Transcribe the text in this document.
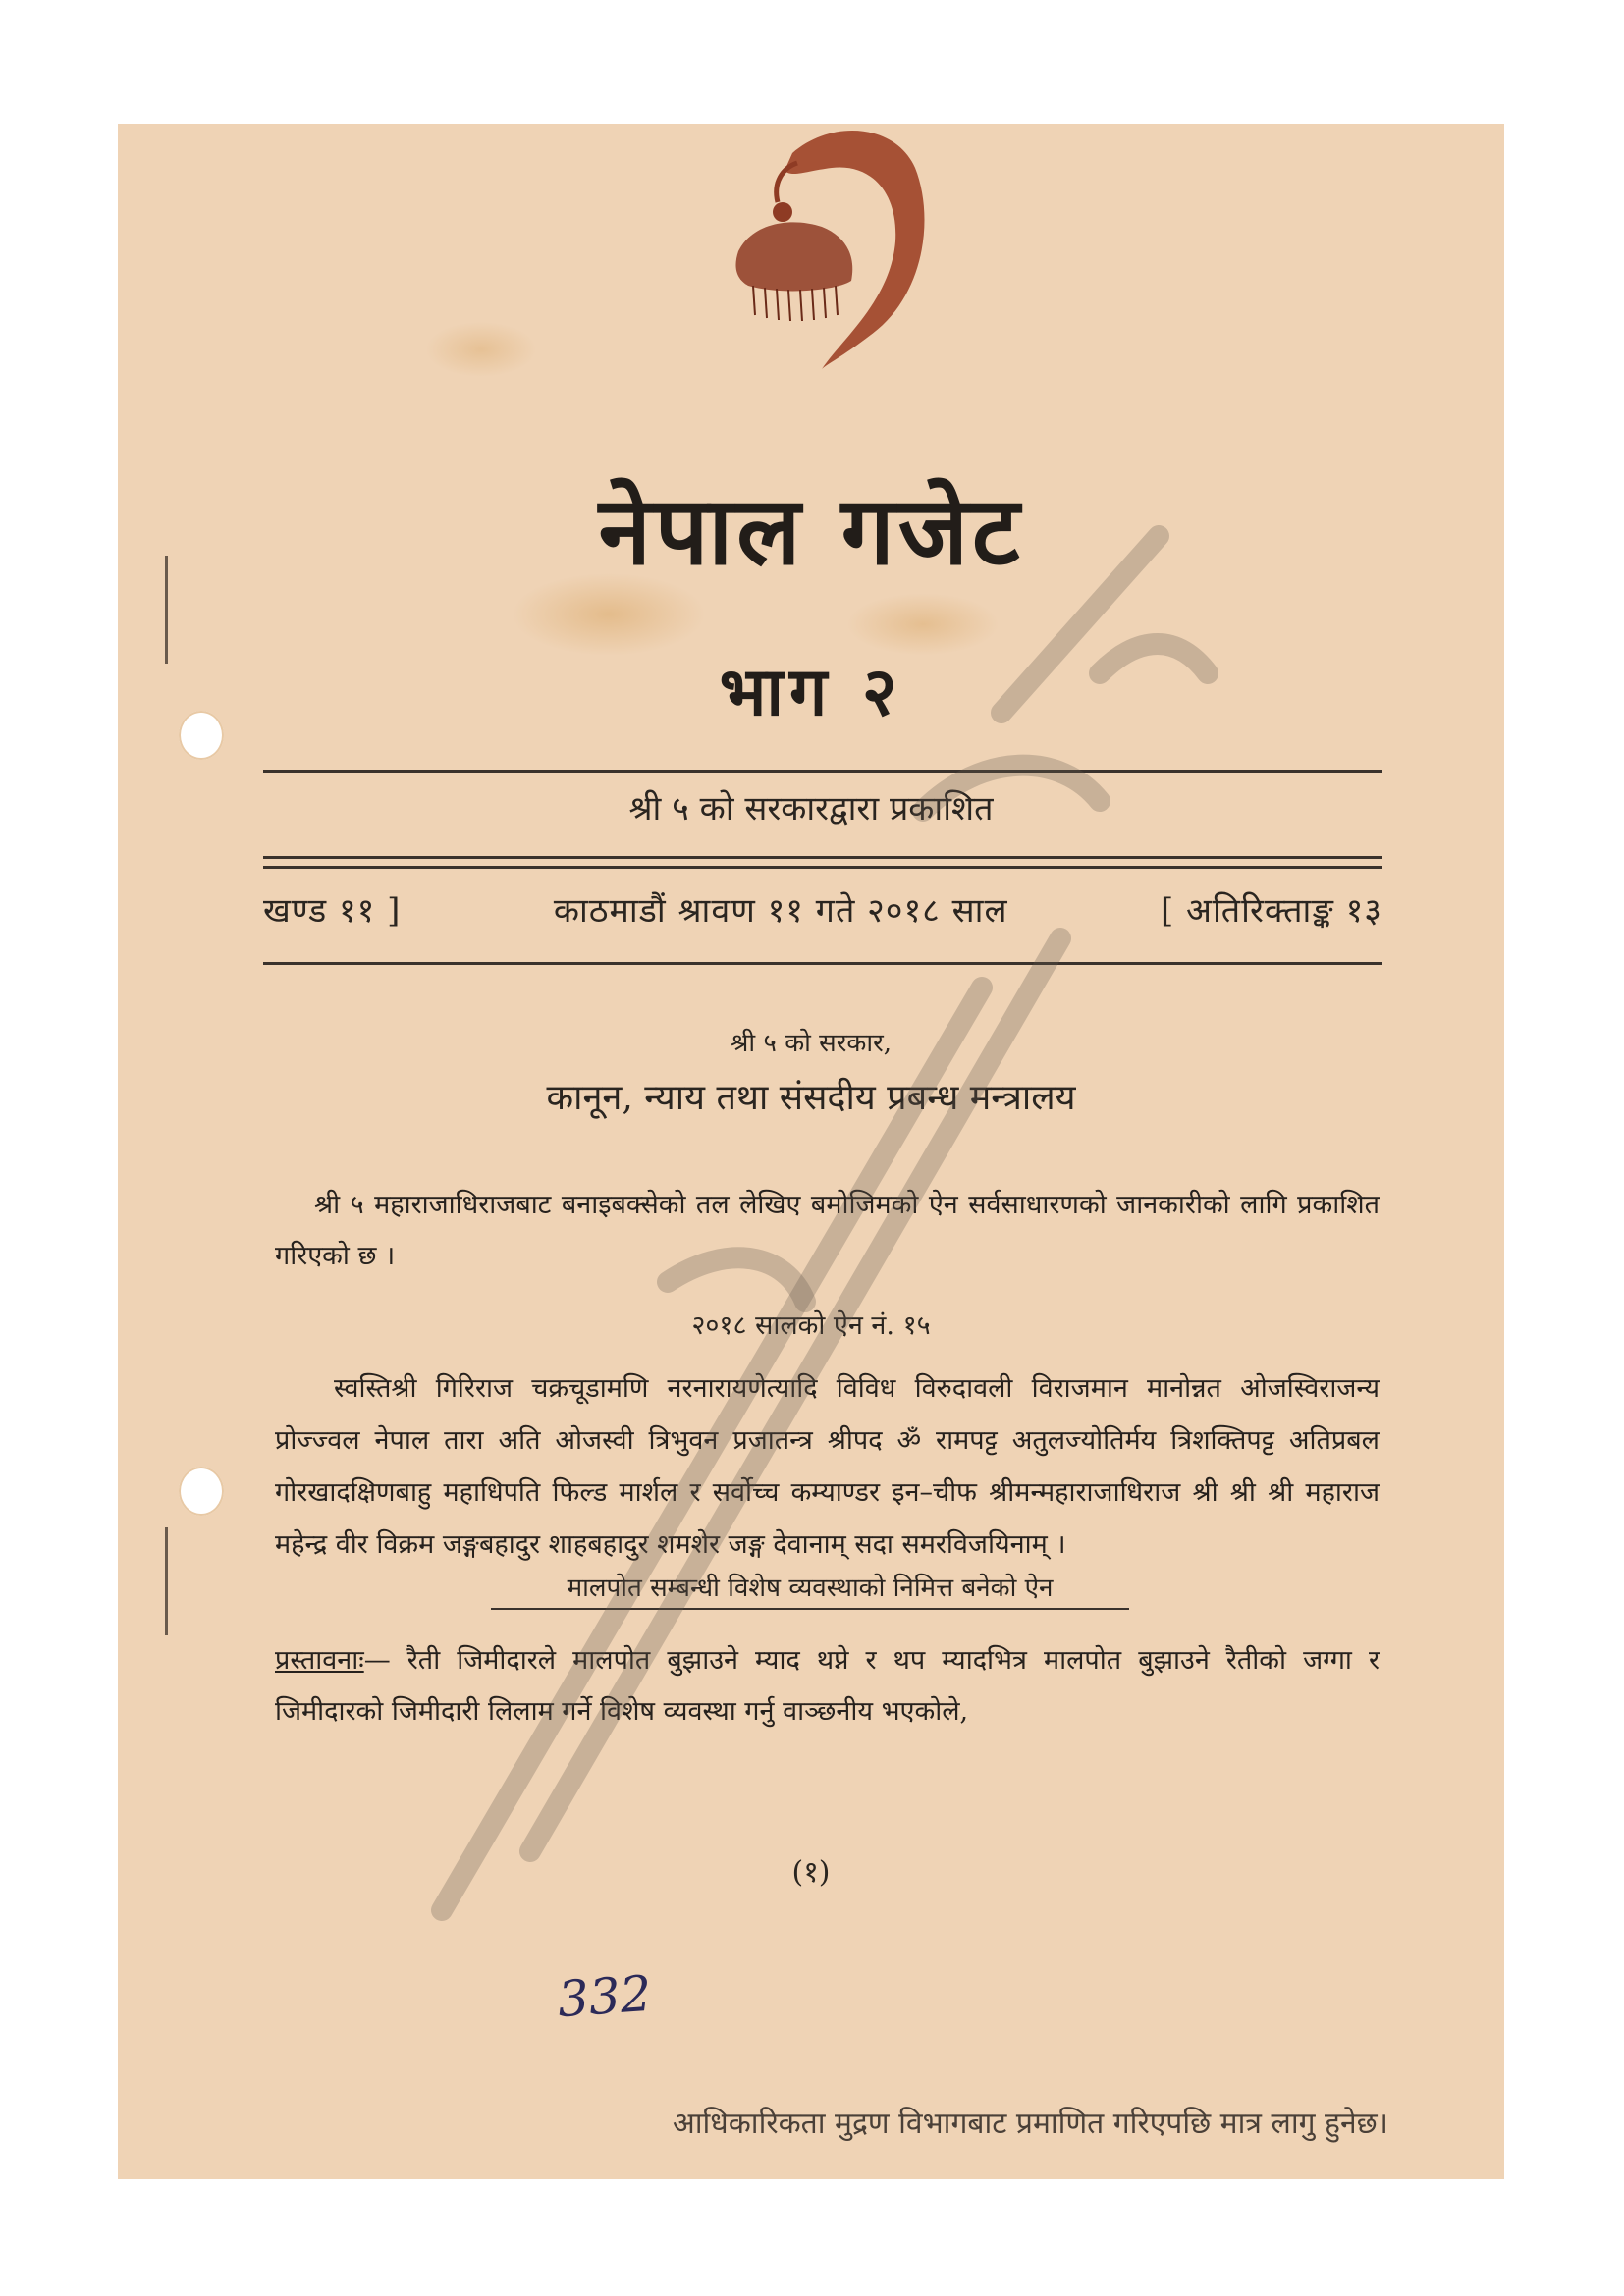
नेपाल गजेट
भाग २
श्री ५ को सरकारद्वारा प्रकाशित
खण्ड ११ ]	काठमाडौं श्रावण ११ गते २०१८ साल	[ अतिरिक्ताङ्क १३
श्री ५ को सरकार,
कानून, न्याय तथा संसदीय प्रबन्ध मन्त्रालय
श्री ५ महाराजाधिराजबाट बनाइबक्सेको तल लेखिए बमोजिमको ऐन सर्वसाधारणको जानकारीको लागि प्रकाशित गरिएको छ ।
२०१८ सालको ऐन नं. १५
स्वस्तिश्री गिरिराज चक्रचूडामणि नरनारायणेत्यादि विविध विरुदावली विराजमान मानोन्नत ओजस्विराजन्य प्रोज्ज्वल नेपाल तारा अति ओजस्वी त्रिभुवन प्रजातन्त्र श्रीपद ॐ रामपट्ट अतुलज्योतिर्मय त्रिशक्तिपट्ट अतिप्रबल गोरखादक्षिणबाहु महाधिपति फिल्ड मार्शल र सर्वोच्च कम्याण्डर इन–चीफ श्रीमन्महाराजाधिराज श्री श्री श्री महाराज महेन्द्र वीर विक्रम जङ्गबहादुर शाहबहादुर शमशेर जङ्ग देवानाम् सदा समरविजयिनाम् ।
मालपोत सम्बन्धी विशेष व्यवस्थाको निमित्त बनेको ऐन
प्रस्तावनाः— रैती जिमीदारले मालपोत बुझाउने म्याद थप्ने र थप म्यादभित्र मालपोत बुझाउने रैतीको जग्गा र जिमीदारको जिमीदारी लिलाम गर्ने विशेष व्यवस्था गर्नु वाञ्छनीय भएकोले,
(१)
332
आधिकारिकता मुद्रण विभागबाट प्रमाणित गरिएपछि मात्र लागु हुनेछ।
